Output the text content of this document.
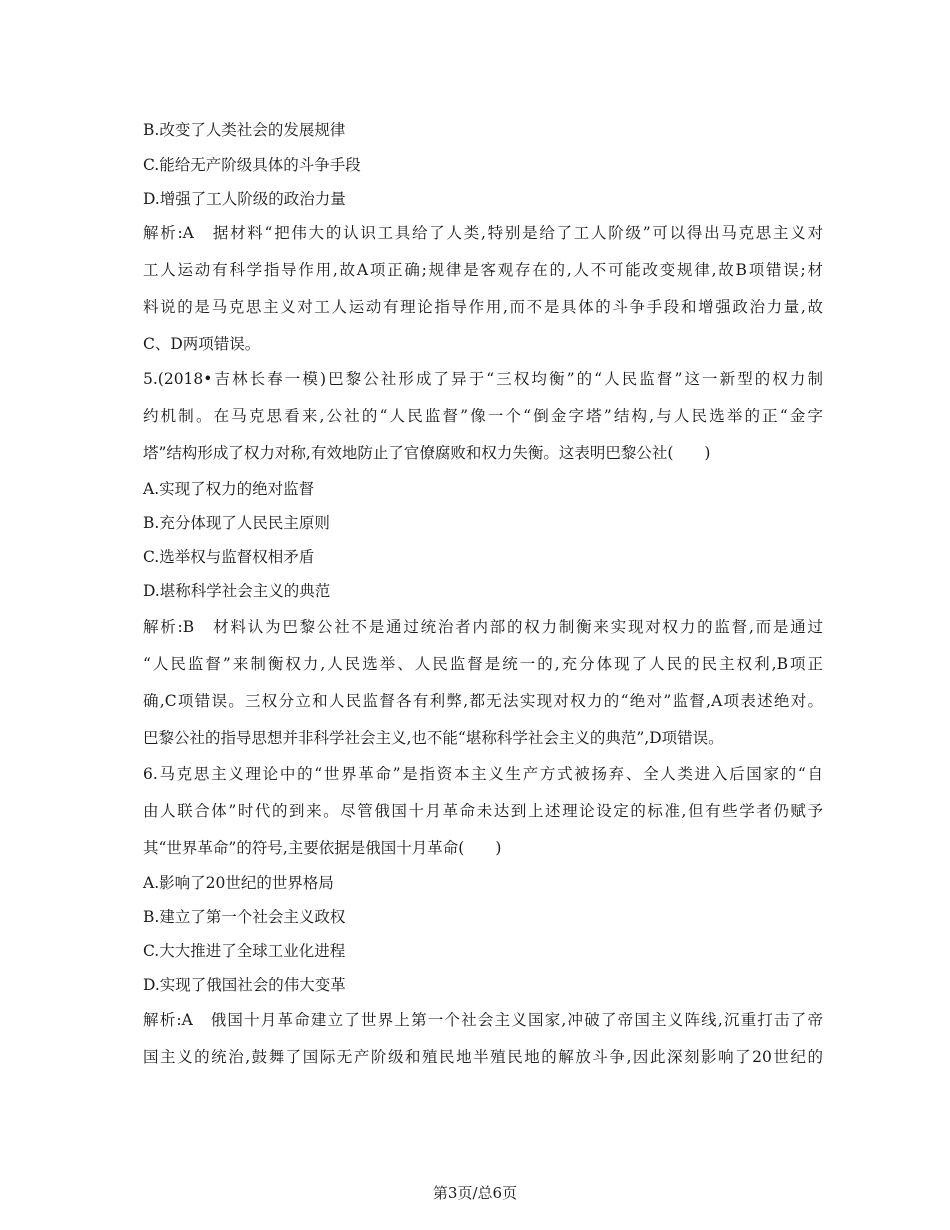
B.改变了人类社会的发展规律
C.能给无产阶级具体的斗争手段
D.增强了工人阶级的政治力量
解析:A　据材料“把伟大的认识工具给了人类,特别是给了工人阶级”可以得出马克思主义对
工人运动有科学指导作用,故A项正确;规律是客观存在的,人不可能改变规律,故B项错误;材
料说的是马克思主义对工人运动有理论指导作用,而不是具体的斗争手段和增强政治力量,故
C、D两项错误。
5.(2018•吉林长春一模)巴黎公社形成了异于“三权均衡”的“人民监督”这一新型的权力制
约机制。在马克思看来,公社的“人民监督”像一个“倒金字塔”结构,与人民选举的正“金字
塔”结构形成了权力对称,有效地防止了官僚腐败和权力失衡。这表明巴黎公社(　　)
A.实现了权力的绝对监督
B.充分体现了人民民主原则
C.选举权与监督权相矛盾
D.堪称科学社会主义的典范
解析:B　材料认为巴黎公社不是通过统治者内部的权力制衡来实现对权力的监督,而是通过
“人民监督”来制衡权力,人民选举、人民监督是统一的,充分体现了人民的民主权利,B项正
确,C项错误。三权分立和人民监督各有利弊,都无法实现对权力的“绝对”监督,A项表述绝对。
巴黎公社的指导思想并非科学社会主义,也不能“堪称科学社会主义的典范”,D项错误。
6.马克思主义理论中的“世界革命”是指资本主义生产方式被扬弃、全人类进入后国家的“自
由人联合体”时代的到来。尽管俄国十月革命未达到上述理论设定的标准,但有些学者仍赋予
其“世界革命”的符号,主要依据是俄国十月革命(　　)
A.影响了20世纪的世界格局
B.建立了第一个社会主义政权
C.大大推进了全球工业化进程
D.实现了俄国社会的伟大变革
解析:A　俄国十月革命建立了世界上第一个社会主义国家,冲破了帝国主义阵线,沉重打击了帝
国主义的统治,鼓舞了国际无产阶级和殖民地半殖民地的解放斗争,因此深刻影响了20世纪的
第3页/总6页
